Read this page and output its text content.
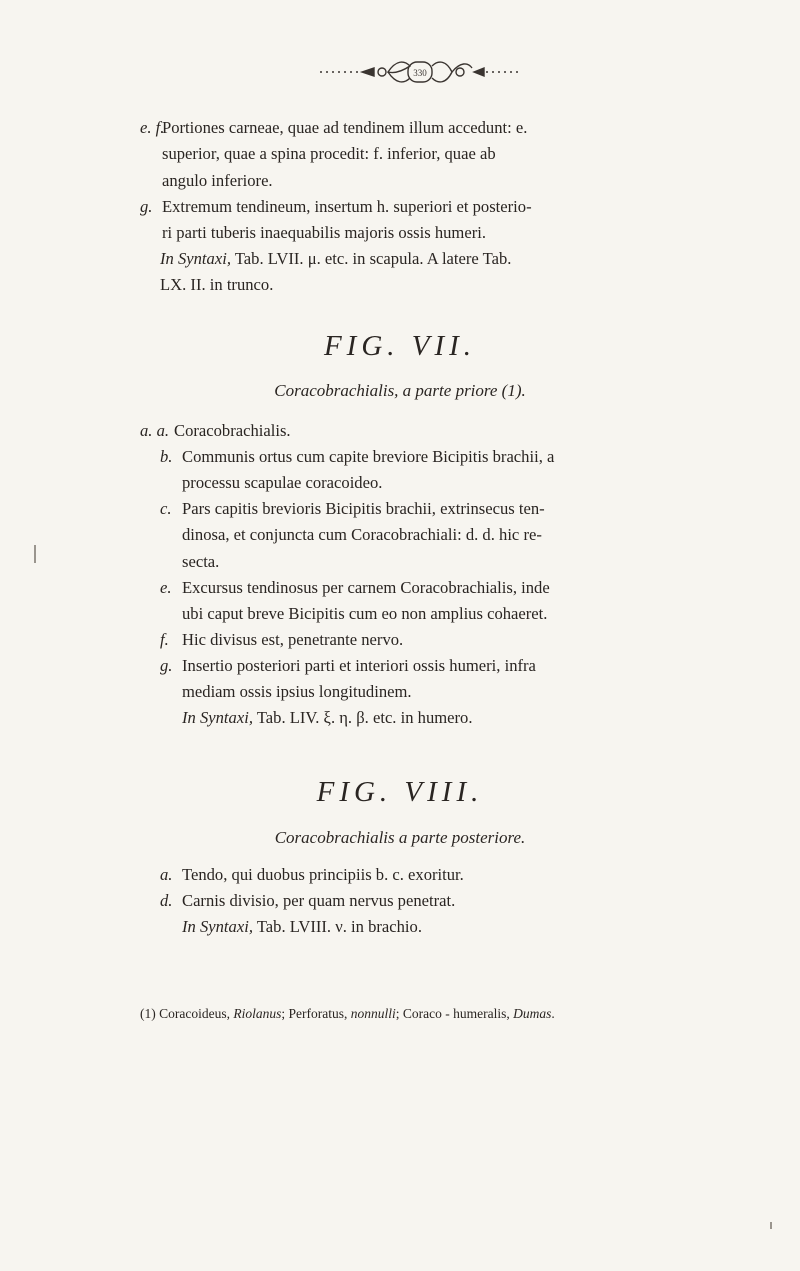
330
e. f.
Portiones carneae, quae ad tendinem illum accedunt: e.
superior, quae a spina procedit: f. inferior, quae ab
angulo inferiore.
g. Extremum tendineum, insertum h. superiori et posterio-
ri parti tuberis inaequabilis majoris ossis humeri.
In Syntaxi, Tab. LVII. μ. etc. in scapula. A latere Tab.
LX. II. in trunco.
FIG. VII.
Coracobrachialis, a parte priore (1).
a. a. Coracobrachialis.
b. Communis ortus cum capite breviore Bicipitis brachii, a
processu scapulae coracoideo.
c. Pars capitis brevioris Bicipitis brachii, extrinsecus ten-
dinosa, et conjuncta cum Coracobrachiali: d. d. hic re-
secta.
e. Excursus tendinosus per carnem Coracobrachialis, inde
ubi caput breve Bicipitis cum eo non amplius cohaeret.
f. Hic divisus est, penetrante nervo.
g. Insertio posteriori parti et interiori ossis humeri, infra
mediam ossis ipsius longitudinem.
In Syntaxi, Tab. LIV. ξ. η. β. etc. in humero.
FIG. VIII.
Coracobrachialis a parte posteriore.
a. Tendo, qui duobus principiis b. c. exoritur.
d. Carnis divisio, per quam nervus penetrat.
In Syntaxi, Tab. LVIII. ν. in brachio.
(1) Coracoideus, Riolanus; Perforatus, nonnulli; Coraco - humeralis, Dumas.
